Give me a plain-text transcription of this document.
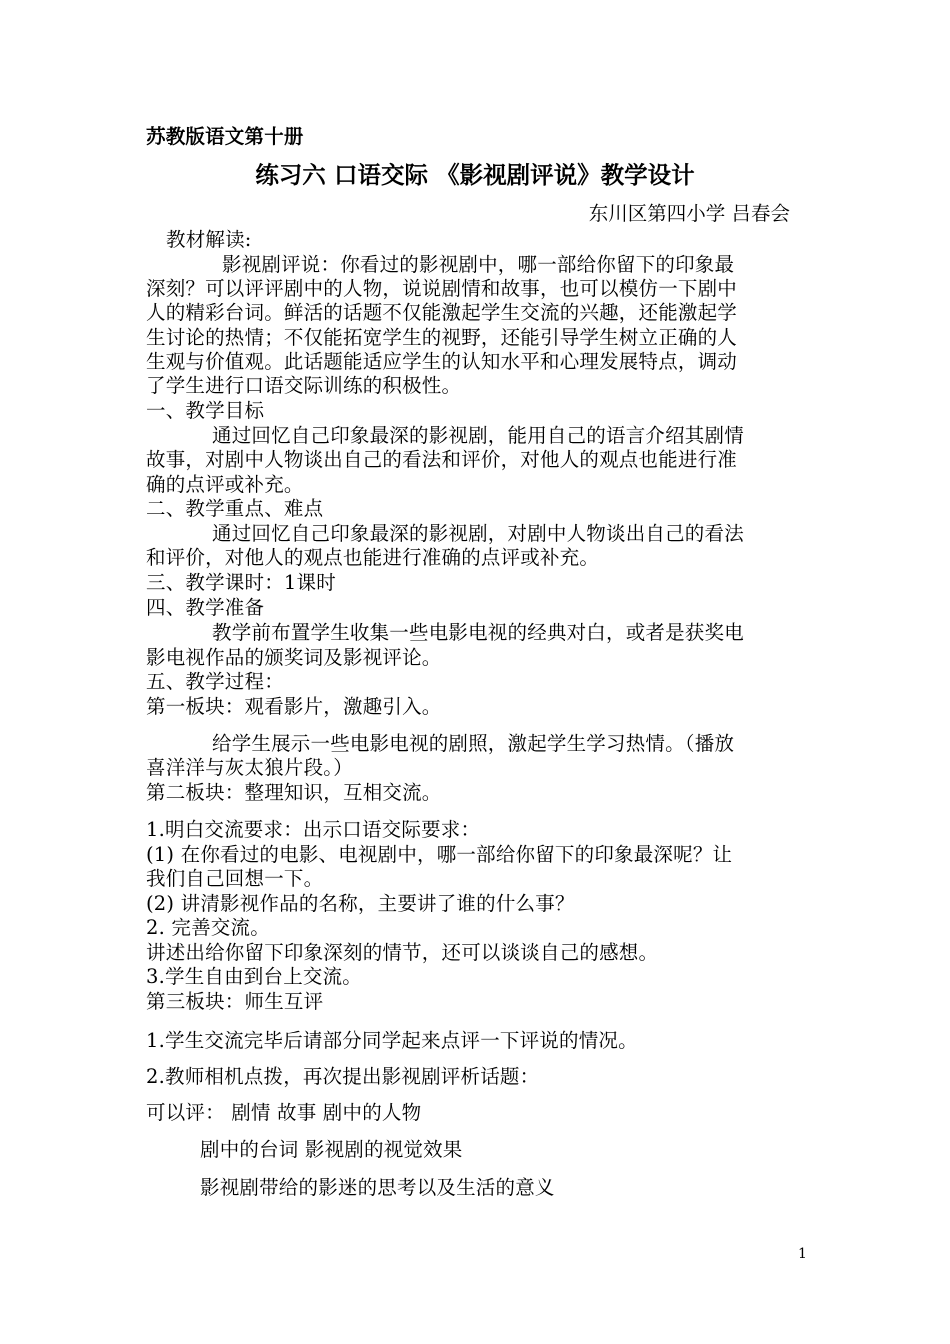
苏教版语文第十册
练习六 口语交际 《影视剧评说》教学设计
东川区第四小学 吕春会
教材解读:
影视剧评说：你看过的影视剧中，哪一部给你留下的印象最
深刻？可以评评剧中的人物，说说剧情和故事，也可以模仿一下剧中
人的精彩台词。鲜活的话题不仅能激起学生交流的兴趣，还能激起学
生讨论的热情；不仅能拓宽学生的视野，还能引导学生树立正确的人
生观与价值观。此话题能适应学生的认知水平和心理发展特点，调动
了学生进行口语交际训练的积极性。
一、教学目标
通过回忆自己印象最深的影视剧，能用自己的语言介绍其剧情
故事，对剧中人物谈出自己的看法和评价，对他人的观点也能进行准
确的点评或补充。
二、教学重点、难点
通过回忆自己印象最深的影视剧，对剧中人物谈出自己的看法
和评价，对他人的观点也能进行准确的点评或补充。
三、教学课时：1课时
四、教学准备
教学前布置学生收集一些电影电视的经典对白，或者是获奖电
影电视作品的颁奖词及影视评论。
五、教学过程：
第一板块：观看影片，激趣引入。
给学生展示一些电影电视的剧照，激起学生学习热情。（播放
喜洋洋与灰太狼片段。）
第二板块：整理知识，互相交流。
1.明白交流要求：出示口语交际要求：
(1) 在你看过的电影、电视剧中，哪一部给你留下的印象最深呢？让
我们自己回想一下。
(2) 讲清影视作品的名称，主要讲了谁的什么事？
2. 完善交流。
讲述出给你留下印象深刻的情节，还可以谈谈自己的感想。
3.学生自由到台上交流。
第三板块：师生互评
1.学生交流完毕后请部分同学起来点评一下评说的情况。
2.教师相机点拨，再次提出影视剧评析话题：
可以评： 剧情 故事 剧中的人物
剧中的台词 影视剧的视觉效果
影视剧带给的影迷的思考以及生活的意义
1
